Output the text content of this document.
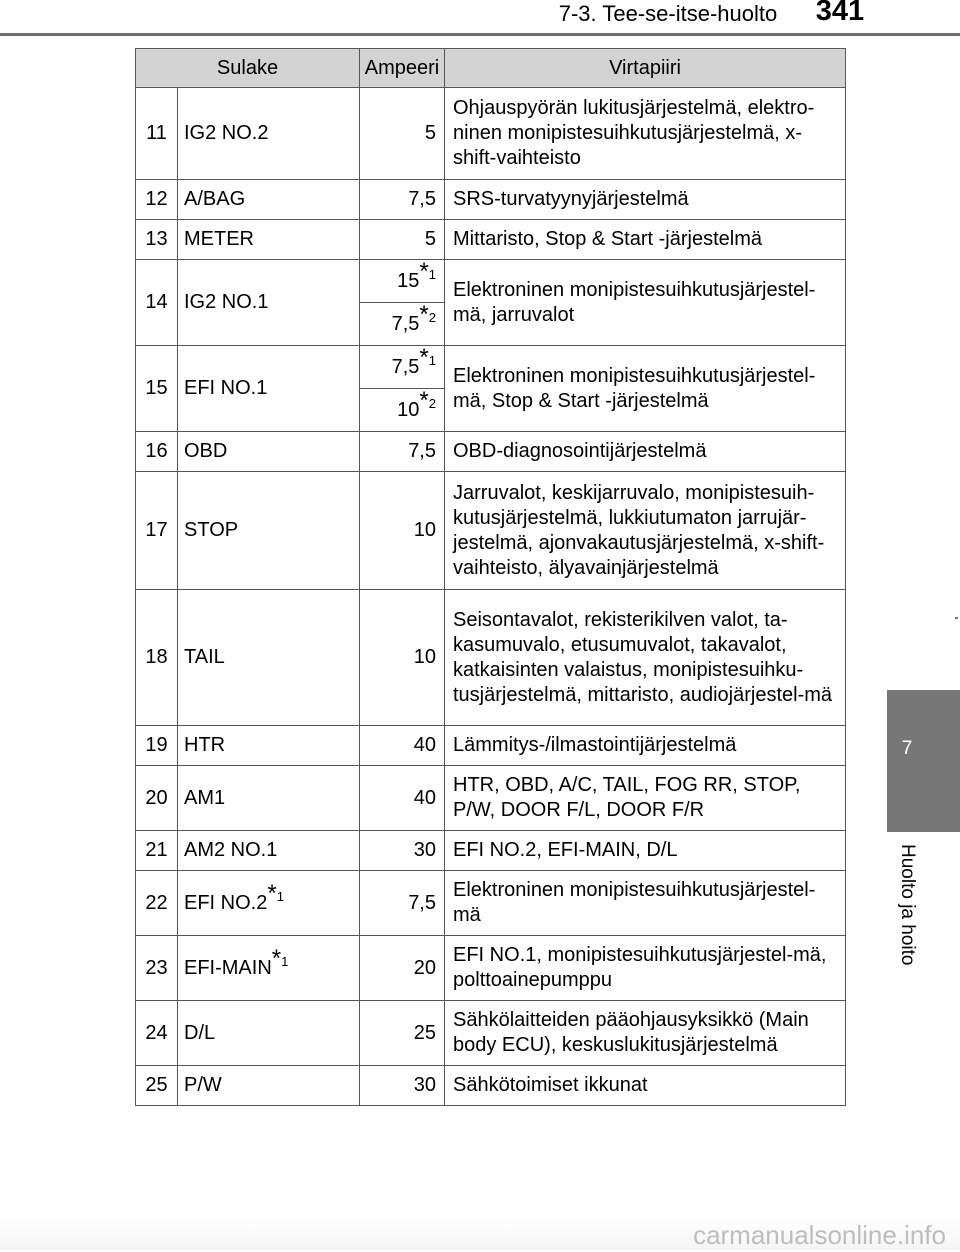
7-3. Tee-se-itse-huolto	341
7
Huolto ja hoito
Sulake		Ampeeri	Virtapiiri
11	IG2 NO.2	5	Ohjauspyörän lukitusjärjestelmä, elektro-ninen monipistesuihkutusjärjestelmä, x-shift-vaihteisto
12	A/BAG	7,5	SRS-turvatyynyjärjestelmä
13	METER	5	Mittaristo, Stop & Start -järjestelmä
14	IG2 NO.1	15$^{*1}$	Elektroninen monipistesuihkutusjärjestel-mä, jarruvalot
		7,5$^{*2}$
15	EFI NO.1	7,5$^{*1}$	Elektroninen monipistesuihkutusjärjestel-mä, Stop & Start -järjestelmä
		10$^{*2}$
16	OBD	7,5	OBD-diagnosointijärjestelmä
17	STOP	10	Jarruvalot, keskijarruvalo, monipistesuih-kutusjärjestelmä, lukkiutumaton jarrujär-jestelmä, ajonvakautusjärjestelmä, x-shift-vaihteisto, älyavainjärjestelmä
18	TAIL	10	Seisontavalot, rekisterikilven valot, ta-kasumuvalo, etusumuvalot, takavalot, katkaisinten valaistus, monipistesuihku-tusjärjestelmä, mittaristo, audiojärjestel-mä
19	HTR	40	Lämmitys-/ilmastointijärjestelmä
20	AM1	40	HTR, OBD, A/C, TAIL, FOG RR, STOP, P/W, DOOR F/L, DOOR F/R
21	AM2 NO.1	30	EFI NO.2, EFI-MAIN, D/L
22	EFI NO.2$^{*1}$	7,5	Elektroninen monipistesuihkutusjärjestel-mä
23	EFI-MAIN$^{*1}$	20	EFI NO.1, monipistesuihkutusjärjestel-mä, polttoainepumppu
24	D/L	25	Sähkölaitteiden pääohjausyksikkö (Main body ECU), keskuslukitusjärjestelmä
25	P/W	30	Sähkötoimiset ikkunat
carmanualsonline.info
